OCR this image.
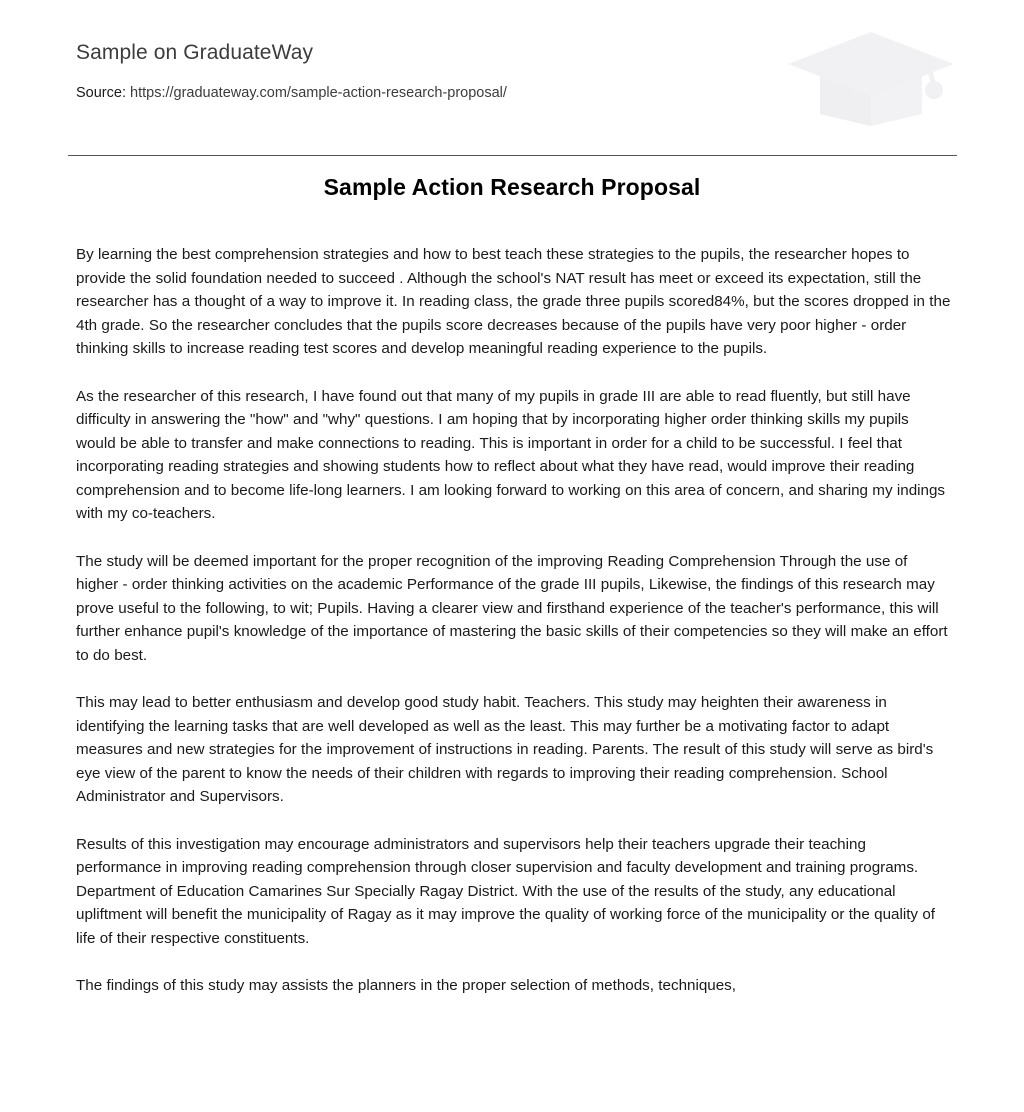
Sample on GraduateWay
Source: https://graduateway.com/sample-action-research-proposal/
Sample Action Research Proposal

By learning the best comprehension strategies and how to best teach these strategies to the pupils, the researcher hopes to provide the solid foundation needed to succeed . Although the school's NAT result has meet or exceed its expectation, still the researcher has a thought of a way to improve it. In reading class, the grade three pupils scored84%, but the scores dropped in the 4th grade. So the researcher concludes that the pupils score decreases because of the pupils have very poor higher - order thinking skills to increase reading test scores and develop meaningful reading experience to the pupils.

As the researcher of this research, I have found out that many of my pupils in grade III are able to read fluently, but still have difficulty in answering the "how" and "why" questions. I am hoping that by incorporating higher order thinking skills my pupils would be able to transfer and make connections to reading. This is important in order for a child to be successful. I feel that incorporating reading strategies and showing students how to reflect about what they have read, would improve their reading comprehension and to become life-long learners. I am looking forward to working on this area of concern, and sharing my indings with my co-teachers.

The study will be deemed important for the proper recognition of the improving Reading Comprehension Through the use of higher - order thinking activities on the academic Performance of the grade III pupils, Likewise, the findings of this research may prove useful to the following, to wit; Pupils. Having a clearer view and firsthand experience of the teacher's performance, this will further enhance pupil's knowledge of the importance of mastering the basic skills of their competencies so they will make an effort to do best.

This may lead to better enthusiasm and develop good study habit. Teachers. This study may heighten their awareness in identifying the learning tasks that are well developed as well as the least. This may further be a motivating factor to adapt measures and new strategies for the improvement of instructions in reading. Parents. The result of this study will serve as bird's eye view of the parent to know the needs of their children with regards to improving their reading comprehension. School Administrator and Supervisors.

Results of this investigation may encourage administrators and supervisors help their teachers upgrade their teaching performance in improving reading comprehension through closer supervision and faculty development and training programs. Department of Education Camarines Sur Specially Ragay District. With the use of the results of the study, any educational upliftment will benefit the municipality of Ragay as it may improve the quality of working force of the municipality or the quality of life of their respective constituents.

The findings of this study may assists the planners in the proper selection of methods, techniques,
